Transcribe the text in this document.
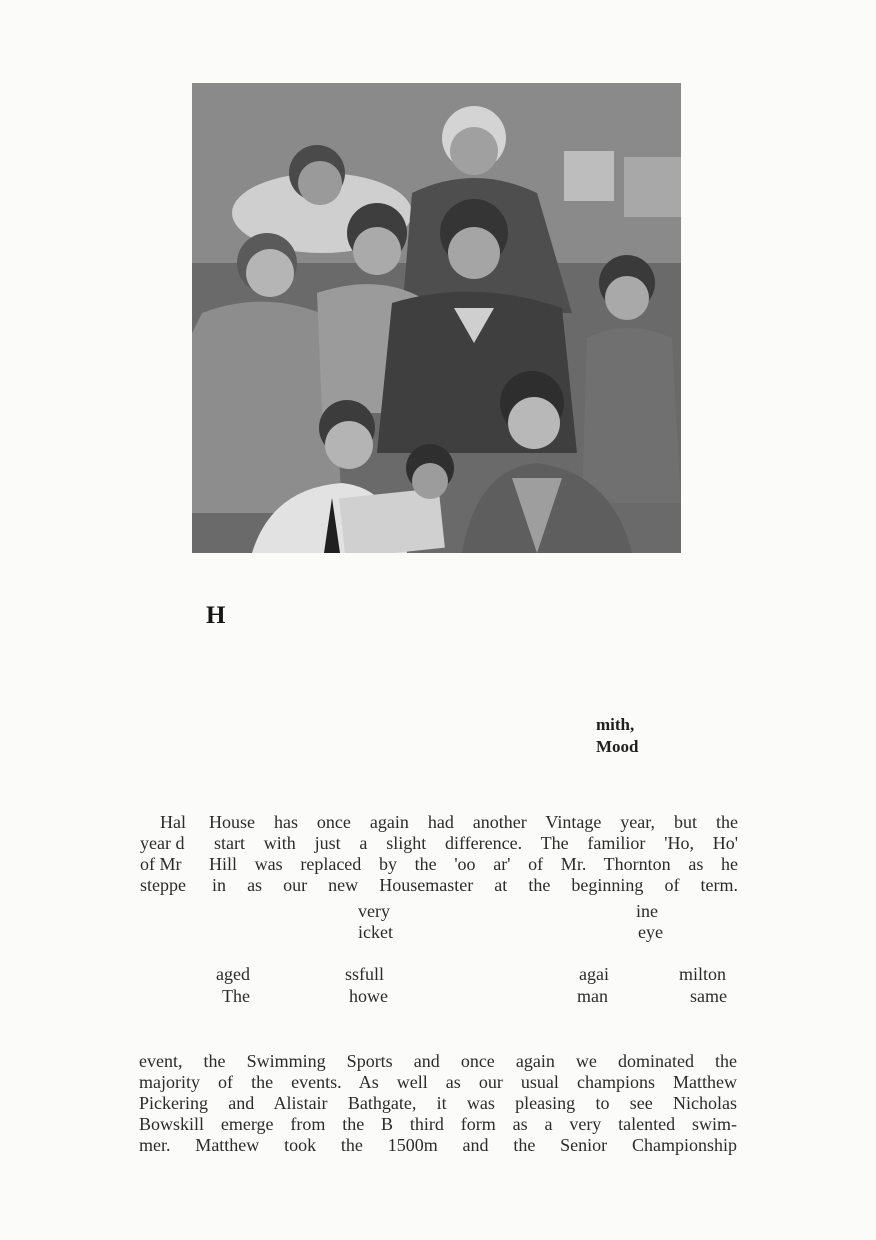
H
mith,
Mood
Hal
year d
of Mr
steppe
House has once again had another Vintage year, but the
start with just a slight difference. The familior 'Ho, Ho'
Hill was replaced by the 'oo ar' of Mr. Thornton as he
in as our new Housemaster at the beginning of term.
very	ine
icket	eye
aged	ssfull	agai	milton
The	howe	man	same
event, the Swimming Sports and once again we dominated the
majority of the events. As well as our usual champions Matthew
Pickering and Alistair Bathgate, it was pleasing to see Nicholas
Bowskill emerge from the B third form as a very talented swim-
mer. Matthew took the 1500m and the Senior Championship
